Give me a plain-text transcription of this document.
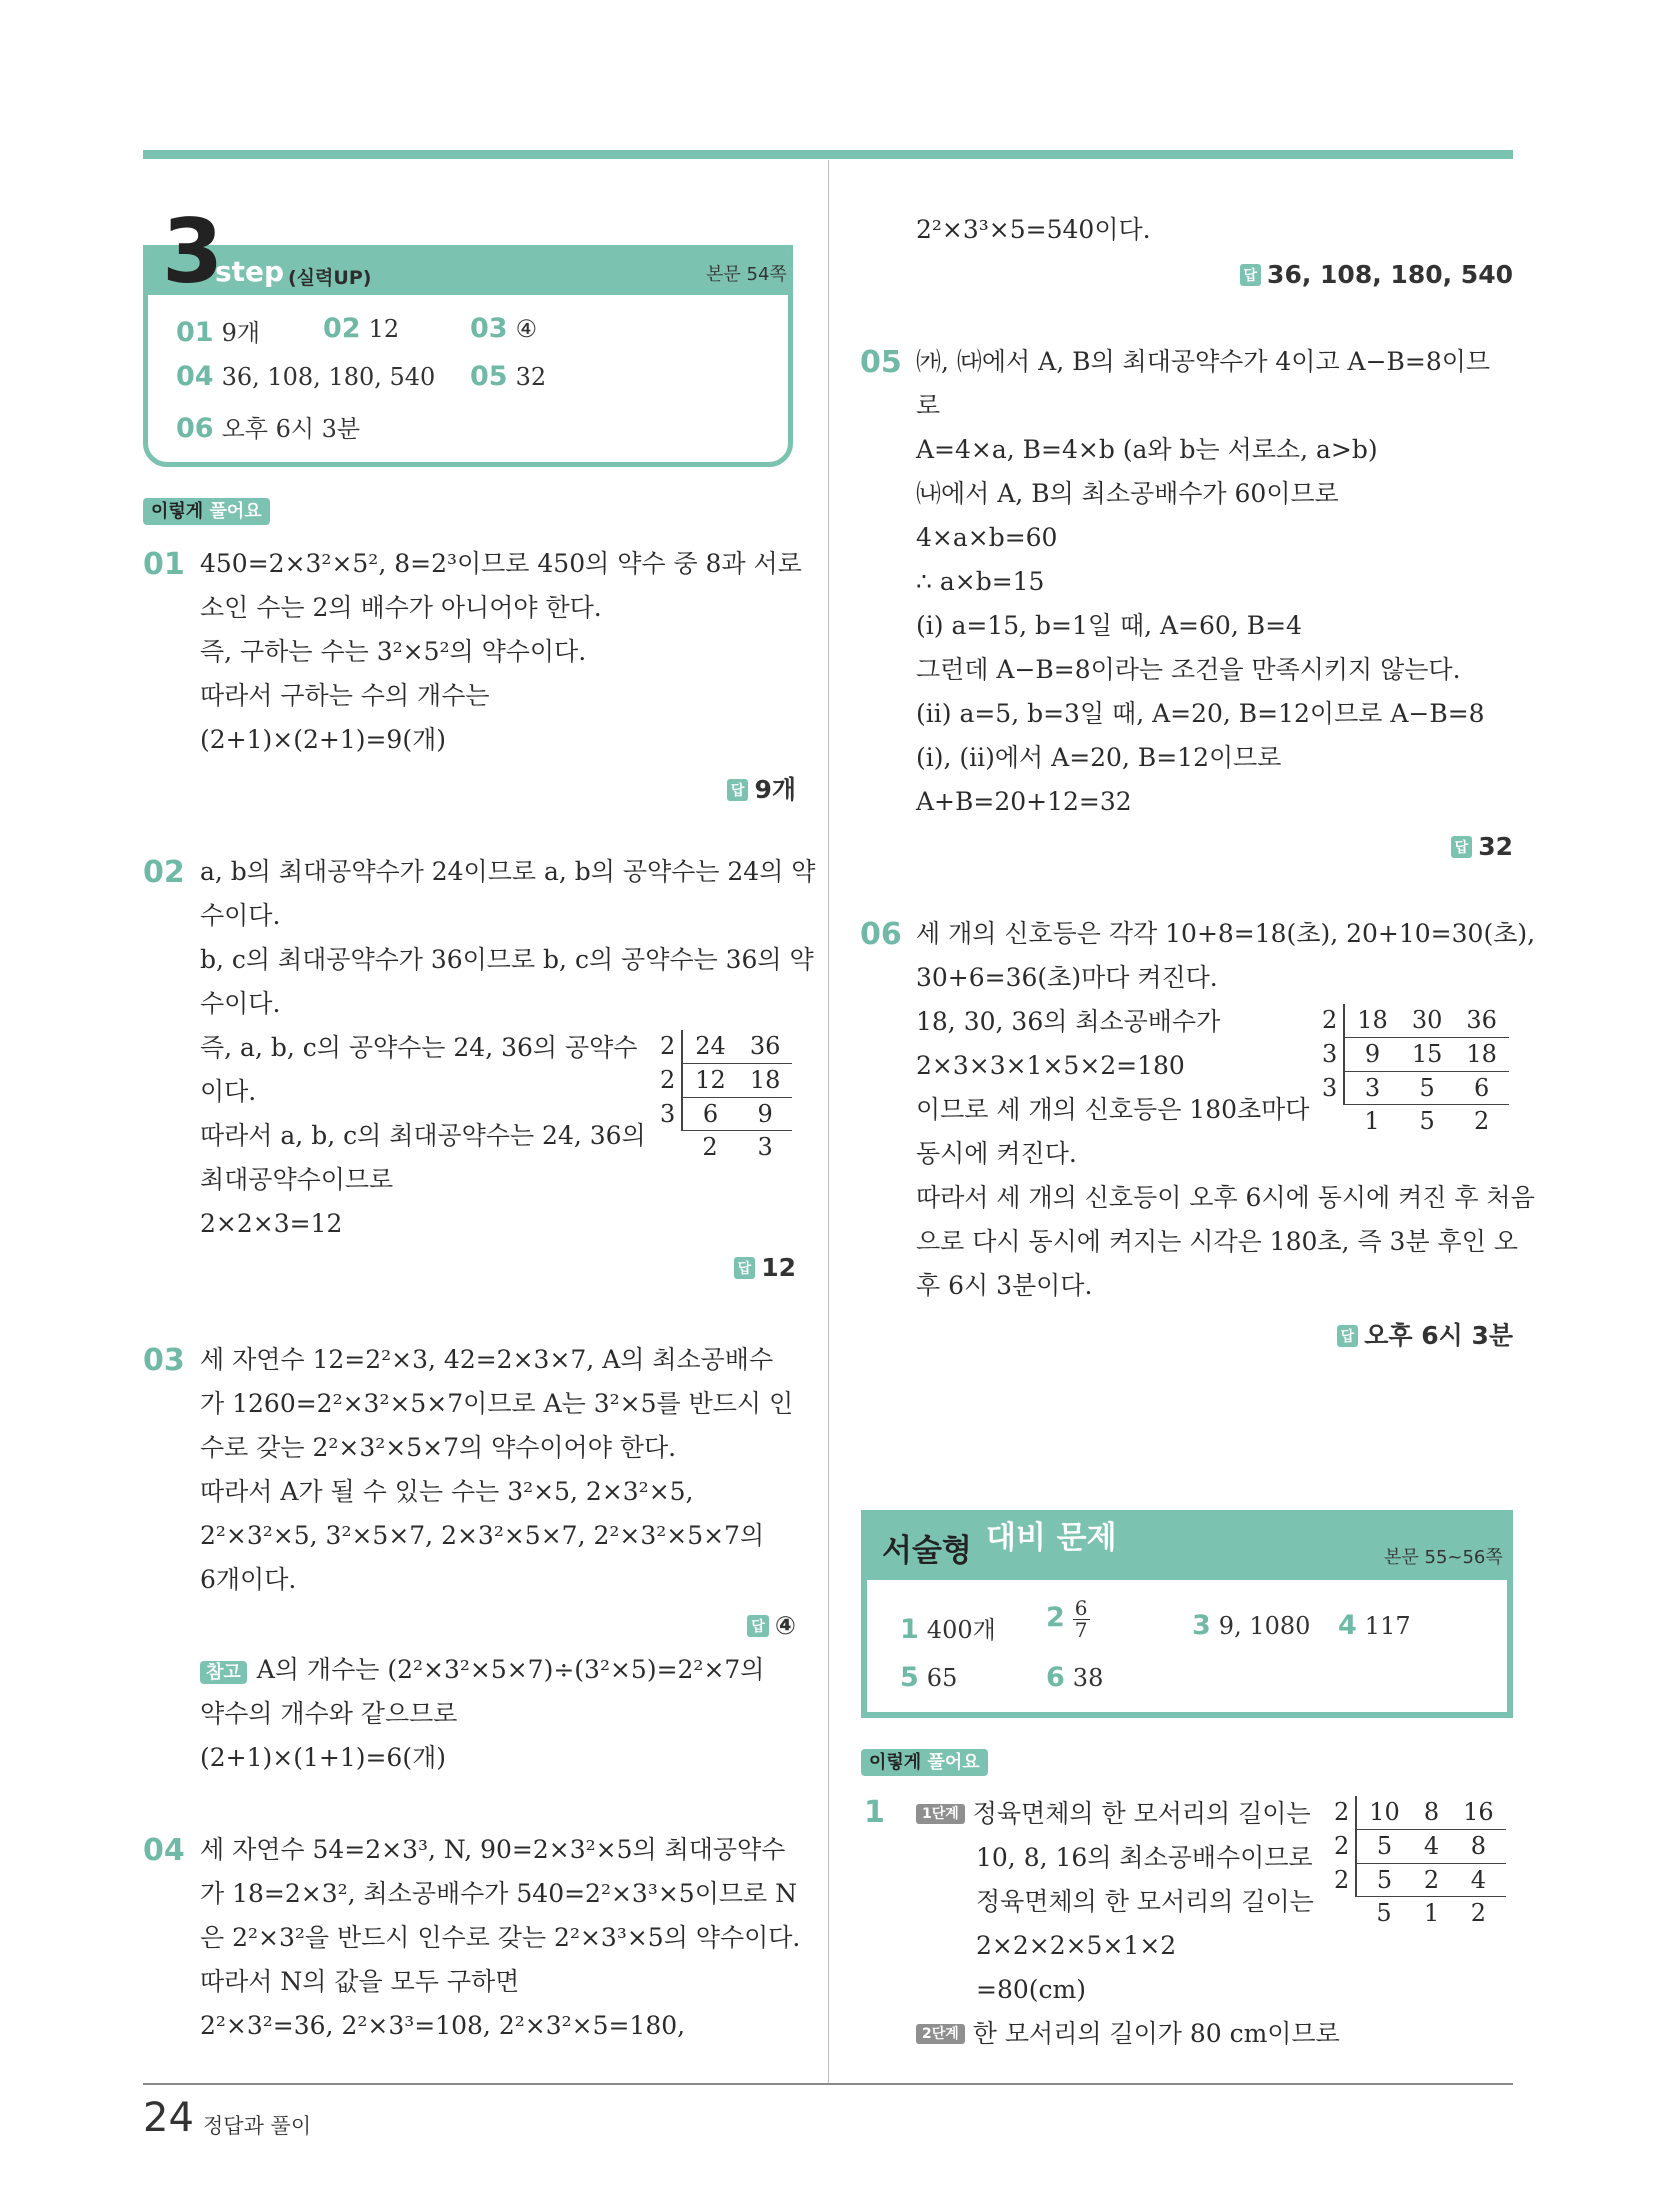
24 정답과 풀이
3
step (실력UP)	본문 54쪽
01 9개 02 12	03 ④
04 36, 108, 180, 540 05 32
06 오후 6시 3분
이렇게 풀어요
01 450=2×3²×5², 8=2³이므로 450의 약수 중 8과 서로
소인 수는 2의 배수가 아니어야 한다.
즉, 구하는 수는 3²×5²의 약수이다.
따라서 구하는 수의 개수는
(2+1)×(2+1)=9(개)
답 9개
02 a, b의 최대공약수가 24이므로 a, b의 공약수는 24의 약
수이다.
b, c의 최대공약수가 36이므로 b, c의 공약수는 36의 약
수이다.
즉, a, b, c의 공약수는 24, 36의 공약수
이다.
따라서 a, b, c의 최대공약수는 24, 36의
최대공약수이므로
2×2×3=12
2	24	36
2	12	18
3	6	9
	2	3
답 12
03 세 자연수 12=2²×3, 42=2×3×7, A의 최소공배수
가 1260=2²×3²×5×7이므로 A는 3²×5를 반드시 인
수로 갖는 2²×3²×5×7의 약수이어야 한다.
따라서 A가 될 수 있는 수는 3²×5, 2×3²×5,
2²×3²×5, 3²×5×7, 2×3²×5×7, 2²×3²×5×7의
6개이다.
답 ④
참고 A의 개수는 (2²×3²×5×7)÷(3²×5)=2²×7의
약수의 개수와 같으므로
(2+1)×(1+1)=6(개)
04 세 자연수 54=2×3³, N, 90=2×3²×5의 최대공약수
가 18=2×3², 최소공배수가 540=2²×3³×5이므로 N
은 2²×3²을 반드시 인수로 갖는 2²×3³×5의 약수이다.
따라서 N의 값을 모두 구하면
2²×3²=36, 2²×3³=108, 2²×3²×5=180,
2²×3³×5=540이다.
답 36, 108, 180, 540
05 ㈎, ㈐에서 A, B의 최대공약수가 4이고 A−B=8이므
로
A=4×a, B=4×b (a와 b는 서로소, a>b)
㈏에서 A, B의 최소공배수가 60이므로
4×a×b=60
∴ a×b=15
(ⅰ) a=15, b=1일 때, A=60, B=4
그런데 A−B=8이라는 조건을 만족시키지 않는다.
(ⅱ) a=5, b=3일 때, A=20, B=12이므로 A−B=8
(ⅰ), (ⅱ)에서 A=20, B=12이므로
A+B=20+12=32
답 32
06 세 개의 신호등은 각각 10+8=18(초), 20+10=30(초),
30+6=36(초)마다 켜진다.
18, 30, 36의 최소공배수가
2×3×3×1×5×2=180
이므로 세 개의 신호등은 180초마다
동시에 켜진다.
따라서 세 개의 신호등이 오후 6시에 동시에 켜진 후 처음
으로 다시 동시에 켜지는 시각은 180초, 즉 3분 후인 오
후 6시 3분이다.
2	18	30	36
3	9	15	18
3	3	5	6
	1	5	2
답 오후 6시 3분
서술형 대비 문제
본문 55~56쪽
1 400개 $2 \frac{6}{7}$	3 9, 1080 4 117
5 65	6 38
이렇게 풀어요
1	1단계 정육면체의 한 모서리의 길이는
10, 8, 16의 최소공배수이므로
정육면체의 한 모서리의 길이는
2×2×2×5×1×2
=80(cm)
2단계 한 모서리의 길이가 80 cm이므로
2	10	8	16
2	5	4	8
2	5	2	4
	5	1	2
